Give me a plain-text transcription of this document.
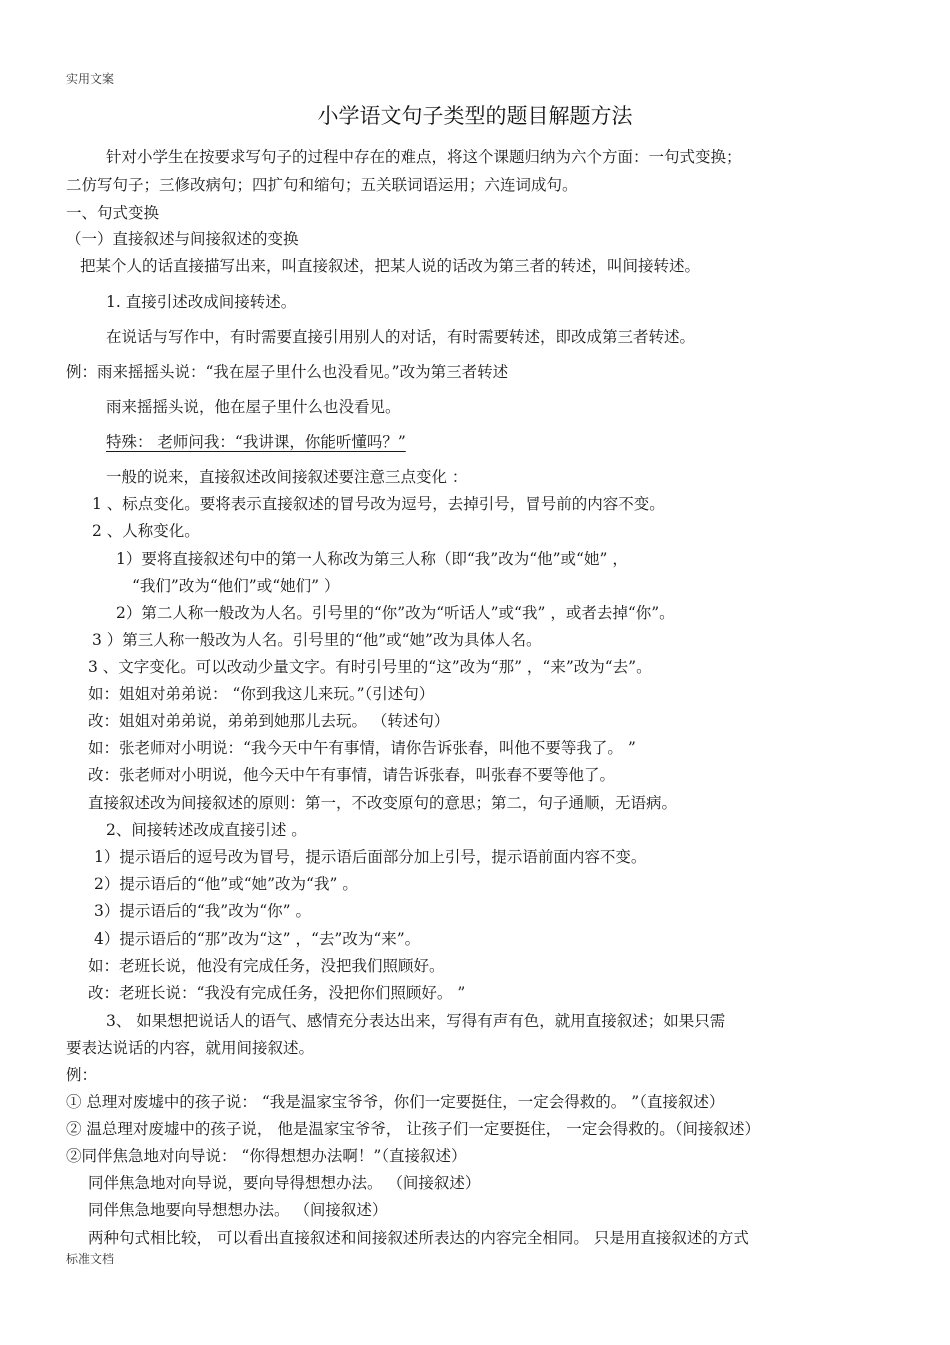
实用文案
小学语文句子类型的题目解题方法
针对小学生在按要求写句子的过程中存在的难点，将这个课题归纳为六个方面：一句式变换；
二仿写句子；三修改病句；四扩句和缩句；五关联词语运用；六连词成句。
一、句式变换
（一）直接叙述与间接叙述的变换
把某个人的话直接描写出来，叫直接叙述，把某人说的话改为第三者的转述，叫间接转述。
1. 直接引述改成间接转述。
在说话与写作中，有时需要直接引用别人的对话，有时需要转述，即改成第三者转述。
例：雨来摇摇头说：“我在屋子里什么也没看见。”改为第三者转述
雨来摇摇头说，他在屋子里什么也没看见。
特殊： 老师问我：“我讲课，你能听懂吗？”
一般的说来，直接叙述改间接叙述要注意三点变化 ：
1 、标点变化。要将表示直接叙述的冒号改为逗号，去掉引号，冒号前的内容不变。
2 、人称变化。
1）要将直接叙述句中的第一人称改为第三人称（即“我”改为“他”或“她” ，
“我们”改为“他们”或“她们” ）
2）第二人称一般改为人名。引号里的“你”改为“听话人”或“我” ，或者去掉“你”。
3 ）第三人称一般改为人名。引号里的“他”或“她”改为具体人名。
3 、文字变化。可以改动少量文字。有时引号里的“这”改为“那” ，“来”改为“去”。
如：姐姐对弟弟说： “你到我这儿来玩。”（引述句）
改：姐姐对弟弟说，弟弟到她那儿去玩。 （转述句）
如：张老师对小明说：“我今天中午有事情，请你告诉张春，叫他不要等我了。 ”
改：张老师对小明说，他今天中午有事情，请告诉张春，叫张春不要等他了。
直接叙述改为间接叙述的原则：第一，不改变原句的意思；第二，句子通顺，无语病。
2、间接转述改成直接引述 。
1）提示语后的逗号改为冒号，提示语后面部分加上引号，提示语前面内容不变。
2）提示语后的“他”或“她”改为“我” 。
3）提示语后的“我”改为“你” 。
4）提示语后的“那”改为“这” ，“去”改为“来”。
如：老班长说，他没有完成任务，没把我们照顾好。
改：老班长说：“我没有完成任务，没把你们照顾好。 ”
3、 如果想把说话人的语气、感情充分表达出来，写得有声有色，就用直接叙述；如果只需
要表达说话的内容，就用间接叙述。
例：
① 总理对废墟中的孩子说： “我是温家宝爷爷，你们一定要挺住，一定会得救的。 ”（直接叙述）
② 温总理对废墟中的孩子说， 他是温家宝爷爷， 让孩子们一定要挺住， 一定会得救的。（间接叙述）
②同伴焦急地对向导说： “你得想想办法啊！”（直接叙述）
同伴焦急地对向导说，要向导得想想办法。 （间接叙述）
同伴焦急地要向导想想办法。 （间接叙述）
两种句式相比较， 可以看出直接叙述和间接叙述所表达的内容完全相同。 只是用直接叙述的方式
标准文档
